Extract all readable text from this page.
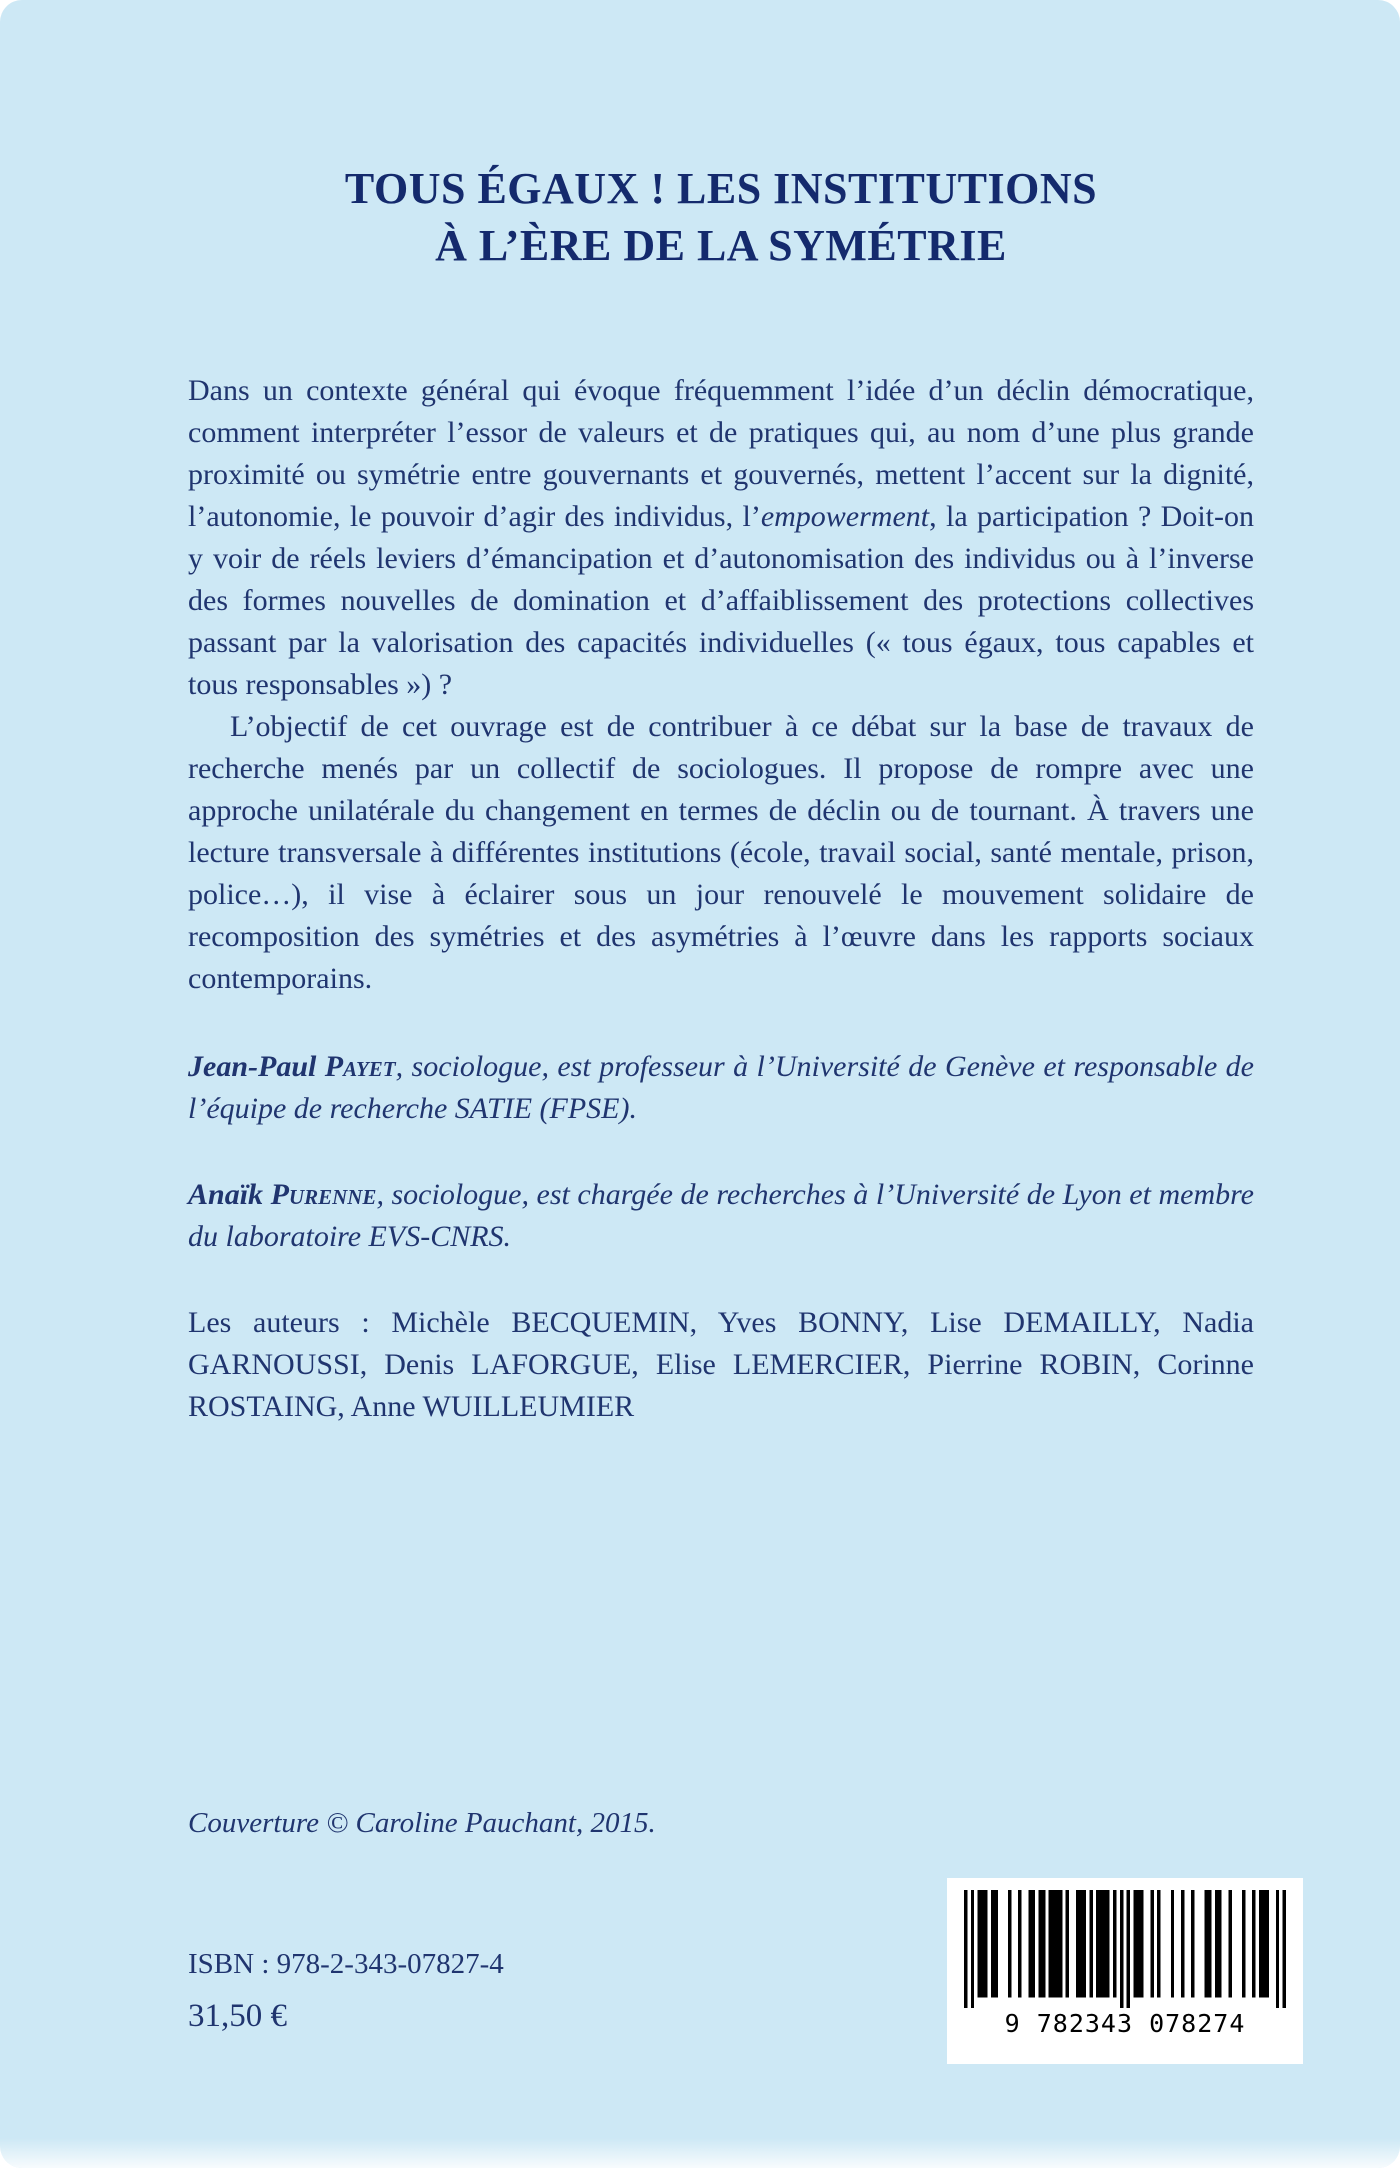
TOUS ÉGAUX ! LES INSTITUTIONS
À L’ÈRE DE LA SYMÉTRIE

Dans un contexte général qui évoque fréquemment l’idée d’un déclin démocratique, comment interpréter l’essor de valeurs et de pratiques qui, au nom d’une plus grande proximité ou symétrie entre gouvernants et gouvernés, mettent l’accent sur la dignité, l’autonomie, le pouvoir d’agir des individus, l’empowerment, la participation ? Doit-on y voir de réels leviers d’émancipation et d’autonomisation des individus ou à l’inverse des formes nouvelles de domination et d’affaiblissement des protections collectives passant par la valorisation des capacités individuelles (« tous égaux, tous capables et tous responsables ») ?

L’objectif de cet ouvrage est de contribuer à ce débat sur la base de travaux de recherche menés par un collectif de sociologues. Il propose de rompre avec une approche unilatérale du changement en termes de déclin ou de tournant. À travers une lecture transversale à différentes institutions (école, travail social, santé mentale, prison, police…), il vise à éclairer sous un jour renouvelé le mouvement solidaire de recomposition des symétries et des asymétries à l’œuvre dans les rapports sociaux contemporains.

Jean-Paul Payet, sociologue, est professeur à l’Université de Genève et responsable de l’équipe de recherche SATIE (FPSE).

Anaïk Purenne, sociologue, est chargée de recherches à l’Université de Lyon et membre du laboratoire EVS-CNRS.

Les auteurs : Michèle BECQUEMIN, Yves BONNY, Lise DEMAILLY, Nadia GARNOUSSI, Denis LAFORGUE, Elise LEMERCIER, Pierrine ROBIN, Corinne ROSTAING, Anne WUILLEUMIER

Couverture © Caroline Pauchant, 2015.

ISBN : 978-2-343-07827-4

31,50 €	9 782343 078274
